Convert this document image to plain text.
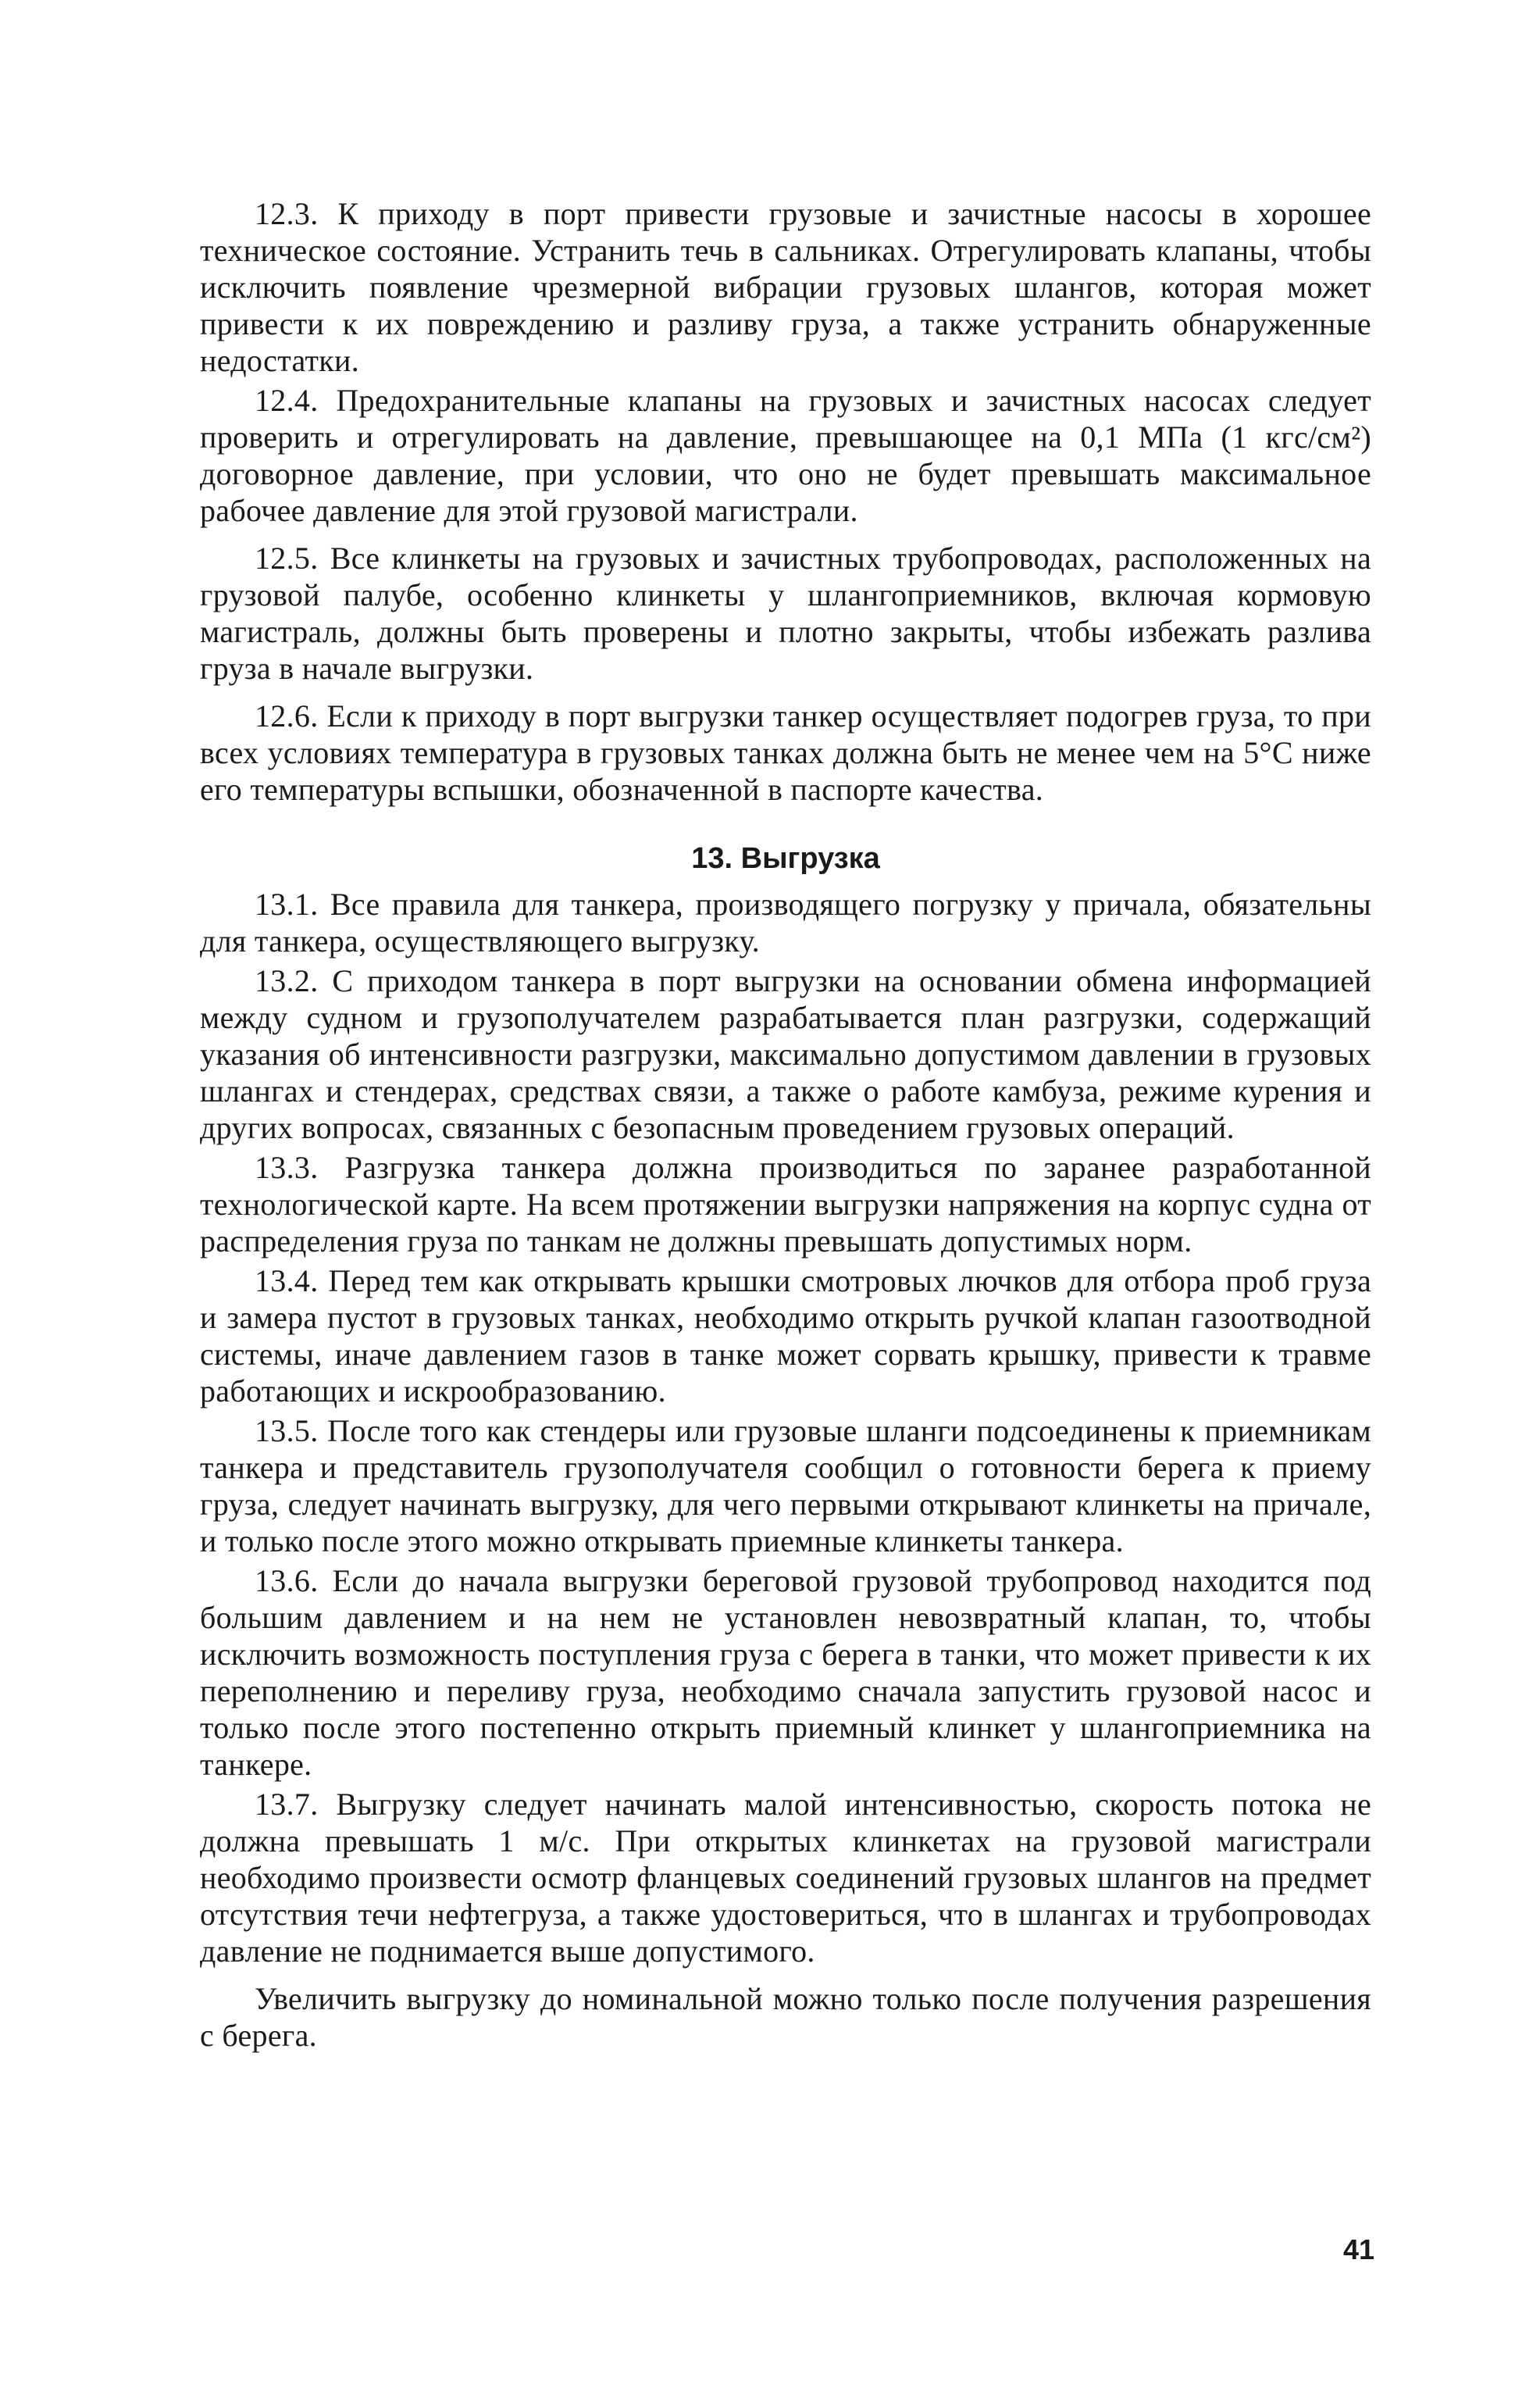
12.3. К приходу в порт привести грузовые и зачистные насосы в хорошее техническое состояние. Устранить течь в сальниках. Отрегулировать клапаны, чтобы исключить появление чрезмерной вибрации грузовых шлангов, которая может привести к их повреждению и разливу груза, а также устранить обнаруженные недостатки.

12.4. Предохранительные клапаны на грузовых и зачистных насосах следует проверить и отрегулировать на давление, превышающее на 0,1 МПа (1 кгс/см²) договорное давление, при условии, что оно не будет превышать максимальное рабочее давление для этой грузовой магистрали.

12.5. Все клинкеты на грузовых и зачистных трубопроводах, расположенных на грузовой палубе, особенно клинкеты у шлангоприемников, включая кормовую магистраль, должны быть проверены и плотно закрыты, чтобы избежать разлива груза в начале выгрузки.

12.6. Если к приходу в порт выгрузки танкер осуществляет подогрев груза, то при всех условиях температура в грузовых танках должна быть не менее чем на 5°С ниже его температуры вспышки, обозначенной в паспорте качества.

13. Выгрузка

13.1. Все правила для танкера, производящего погрузку у причала, обязательны для танкера, осуществляющего выгрузку.

13.2. С приходом танкера в порт выгрузки на основании обмена информацией между судном и грузополучателем разрабатывается план разгрузки, содержащий указания об интенсивности разгрузки, максимально допустимом давлении в грузовых шлангах и стендерах, средствах связи, а также о работе камбуза, режиме курения и других вопросах, связанных с безопасным проведением грузовых операций.

13.3. Разгрузка танкера должна производиться по заранее разработанной технологической карте. На всем протяжении выгрузки напряжения на корпус судна от распределения груза по танкам не должны превышать допустимых норм.

13.4. Перед тем как открывать крышки смотровых лючков для отбора проб груза и замера пустот в грузовых танках, необходимо открыть ручкой клапан газоотводной системы, иначе давлением газов в танке может сорвать крышку, привести к травме работающих и искрообразованию.

13.5. После того как стендеры или грузовые шланги подсоединены к приемникам танкера и представитель грузополучателя сообщил о готовности берега к приему груза, следует начинать выгрузку, для чего первыми открывают клинкеты на причале, и только после этого можно открывать приемные клинкеты танкера.

13.6. Если до начала выгрузки береговой грузовой трубопровод находится под большим давлением и на нем не установлен невозвратный клапан, то, чтобы исключить возможность поступления груза с берега в танки, что может привести к их переполнению и переливу груза, необходимо сначала запустить грузовой насос и только после этого постепенно открыть приемный клинкет у шлангоприемника на танкере.

13.7. Выгрузку следует начинать малой интенсивностью, скорость потока не должна превышать 1 м/с. При открытых клинкетах на грузовой магистрали необходимо произвести осмотр фланцевых соединений грузовых шлангов на предмет отсутствия течи нефтегруза, а также удостовериться, что в шлангах и трубопроводах давление не поднимается выше допустимого.

Увеличить выгрузку до номинальной можно только после получения разрешения с берега.

41
